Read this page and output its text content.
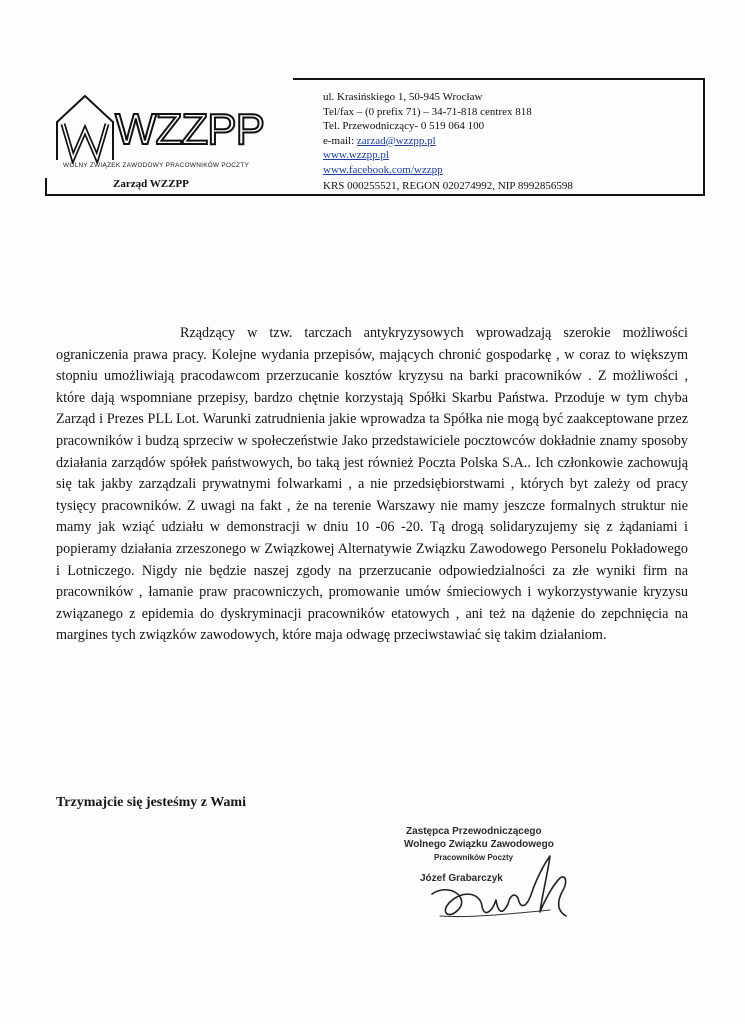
WZZPP
WOLNY ZWIĄZEK ZAWODOWY PRACOWNIKÓW POCZTY
Zarząd WZZPP
ul. Krasińskiego 1, 50-945 Wrocław
Tel/fax – (0 prefix 71) – 34-71-818 centrex 818
Tel. Przewodniczący- 0 519 064 100
e-mail: zarzad@wzzpp.pl
www.wzzpp.pl
www.facebook.com/wzzpp
KRS 000255521, REGON 020274992, NIP 8992856598

Rządzący w tzw. tarczach antykryzysowych wprowadzają szerokie możliwości ograniczenia prawa pracy. Kolejne wydania przepisów, mających chronić gospodarkę , w coraz to większym stopniu umożliwiają pracodawcom przerzucanie kosztów kryzysu na barki pracowników . Z możliwości , które dają wspomniane przepisy, bardzo chętnie korzystają Spółki Skarbu Państwa. Przoduje w tym chyba Zarząd i Prezes PLL Lot. Warunki zatrudnienia jakie wprowadza ta Spółka nie mogą być zaakceptowane przez pracowników i budzą sprzeciw w społeczeństwie Jako przedstawiciele pocztowców dokładnie znamy sposoby działania zarządów spółek państwowych, bo taką jest również Poczta Polska S.A.. Ich członkowie zachowują się tak jakby zarządzali prywatnymi folwarkami , a nie przedsiębiorstwami , których byt zależy od pracy tysięcy pracowników. Z uwagi na fakt , że na terenie Warszawy nie mamy jeszcze formalnych struktur nie mamy jak wziąć udziału w demonstracji w dniu 10 -06 -20. Tą drogą solidaryzujemy się z żądaniami i popieramy działania zrzeszonego w Związkowej Alternatywie Związku Zawodowego Personelu Pokładowego i Lotniczego. Nigdy nie będzie naszej zgody na przerzucanie odpowiedzialności za złe wyniki firm na pracowników , łamanie praw pracowniczych, promowanie umów śmieciowych i wykorzystywanie kryzysu związanego z epidemia do dyskryminacji pracowników etatowych , ani też na dążenie do zepchnięcia na margines tych związków zawodowych, które maja odwagę przeciwstawiać się takim działaniom.

Trzymajcie się jesteśmy z Wami
Zastępca Przewodniczącego
Wolnego Związku Zawodowego
Pracowników Poczty
Józef Grabarczyk
